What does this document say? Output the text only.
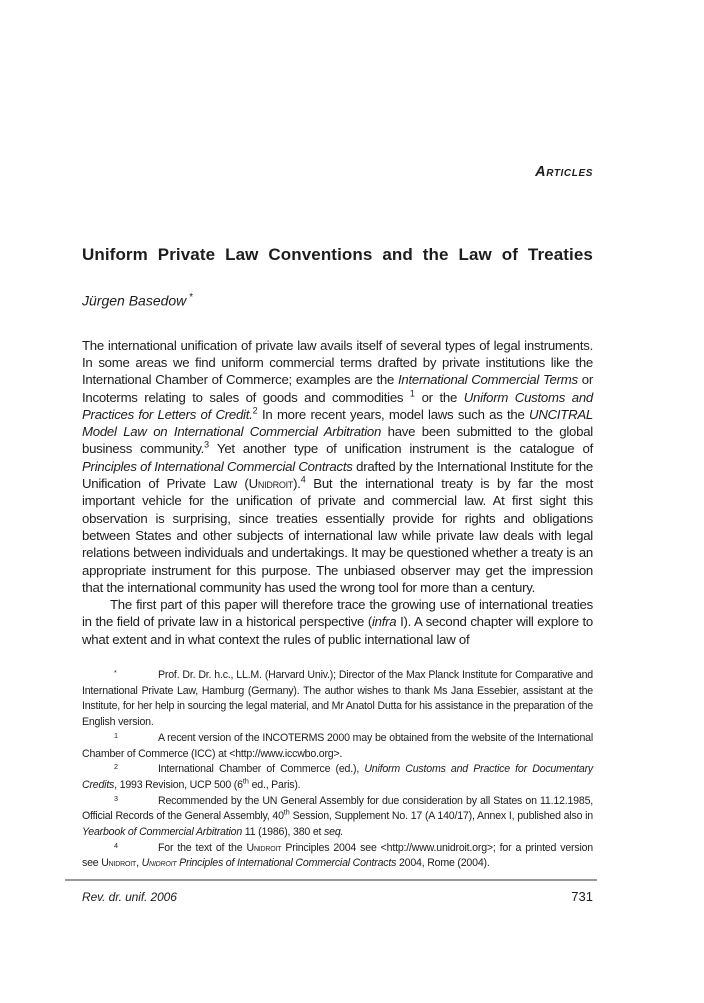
Articles
Uniform Private Law Conventions and the Law of Treaties
Jürgen Basedow *

The international unification of private law avails itself of several types of legal instruments. In some areas we find uniform commercial terms drafted by private institutions like the International Chamber of Commerce; examples are the International Commercial Terms or Incoterms relating to sales of goods and commodities $^1$ or the Uniform Customs and Practices for Letters of Credit.$^2$ In more recent years, model laws such as the UNCITRAL Model Law on International Commercial Arbitration have been submitted to the global business community.$^3$ Yet another type of unification instrument is the catalogue of Principles of International Commercial Contracts drafted by the International Institute for the Unification of Private Law (Unidroit).$^4$ But the international treaty is by far the most important vehicle for the unification of private and commercial law. At first sight this observation is surprising, since treaties essentially provide for rights and obligations between States and other subjects of international law while private law deals with legal relations between individuals and undertakings. It may be questioned whether a treaty is an appropriate instrument for this purpose. The unbiased observer may get the impression that the international community has used the wrong tool for more than a century.

The first part of this paper will therefore trace the growing use of international treaties in the field of private law in a historical perspective (infra I). A second chapter will explore to what extent and in what context the rules of public international law of

*	Prof. Dr. Dr. h.c., LL.M. (Harvard Univ.); Director of the Max Planck Institute for Comparative and International Private Law, Hamburg (Germany). The author wishes to thank Ms Jana Essebier, assistant at the Institute, for her help in sourcing the legal material, and Mr Anatol Dutta for his assistance in the preparation of the English version.
1	A recent version of the INCOTERMS 2000 may be obtained from the website of the International Chamber of Commerce (ICC) at <http://www.iccwbo.org>.
2	International Chamber of Commerce (ed.), Uniform Customs and Practice for Documentary Credits, 1993 Revision, UCP 500 (6th ed., Paris).
3	Recommended by the UN General Assembly for due consideration by all States on 11.12.1985, Official Records of the General Assembly, 40th Session, Supplement No. 17 (A 140/17), Annex I, published also in Yearbook of Commercial Arbitration 11 (1986), 380 et seq.
4	For the text of the Unidroit Principles 2004 see <http://www.unidroit.org>; for a printed version see Unidroit, Unidroit Principles of International Commercial Contracts 2004, Rome (2004).
Rev. dr. unif. 2006	731
